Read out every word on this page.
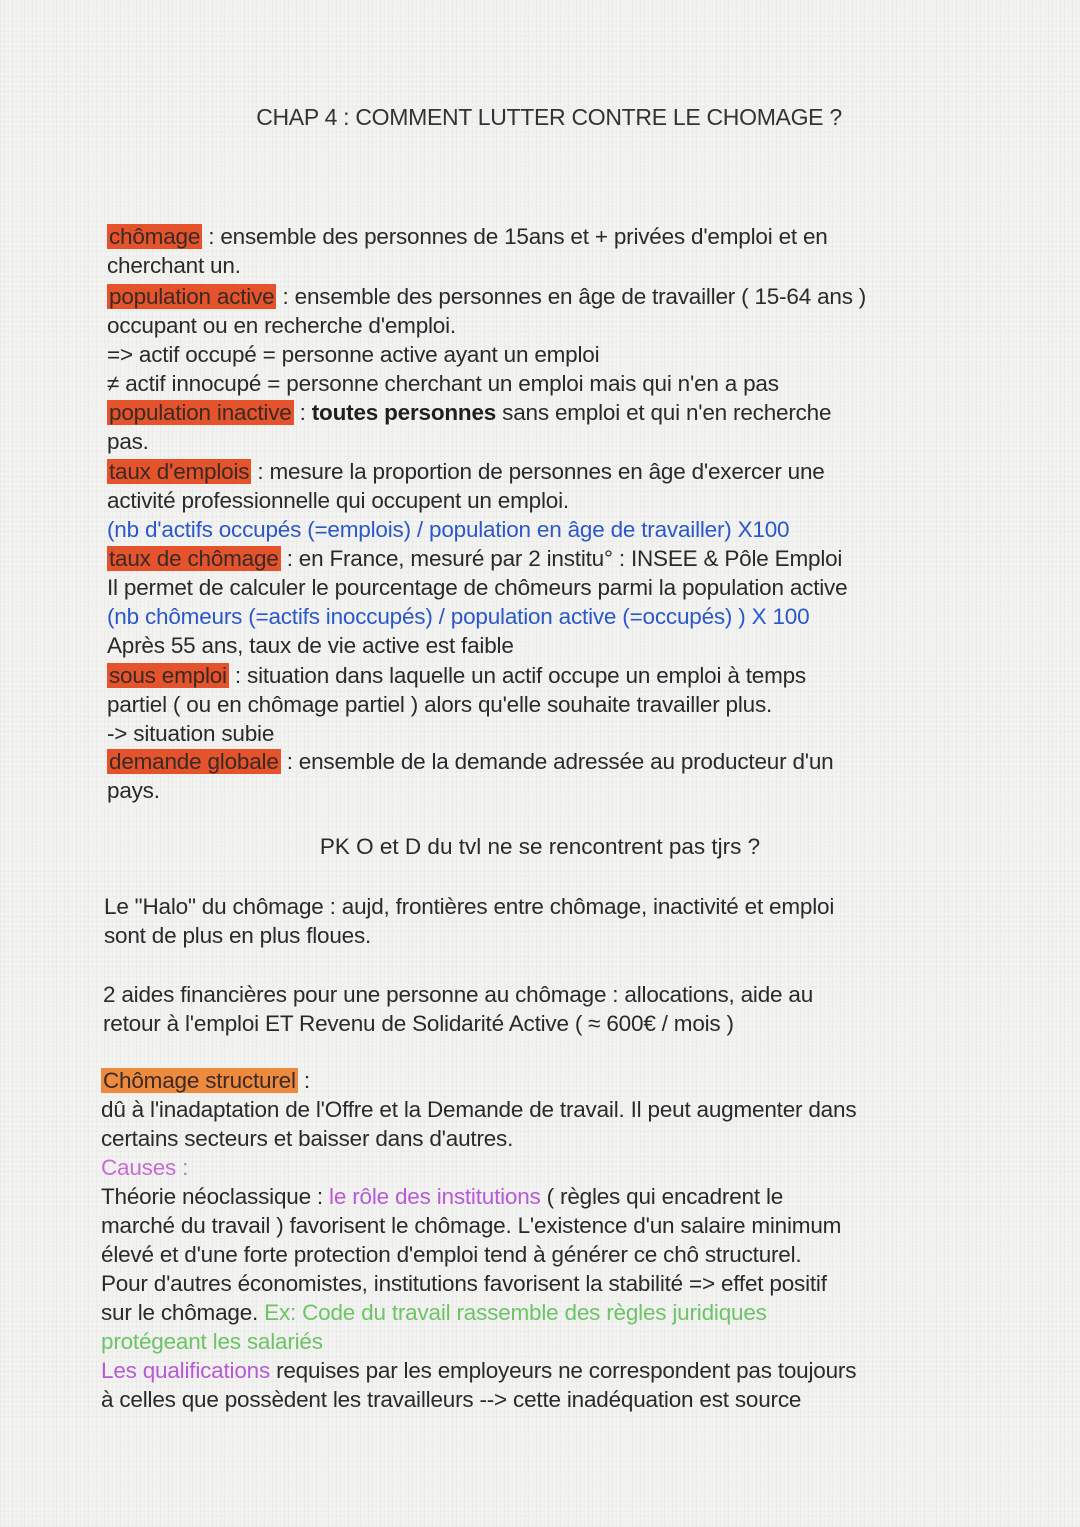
CHAP 4 : COMMENT LUTTER CONTRE LE CHOMAGE ?
chômage : ensemble des personnes de 15ans et + privées d'emploi et en
cherchant un.
population active : ensemble des personnes en âge de travailler ( 15-64 ans )
occupant ou en recherche d'emploi.
=> actif occupé = personne active ayant un emploi
≠ actif innocupé = personne cherchant un emploi mais qui n'en a pas
population inactive : toutes personnes sans emploi et qui n'en recherche
pas.
taux d'emplois : mesure la proportion de personnes en âge d'exercer une
activité professionnelle qui occupent un emploi.
(nb d'actifs occupés (=emplois) / population en âge de travailler) X100
taux de chômage : en France, mesuré par 2 institu° : INSEE & Pôle Emploi
Il permet de calculer le pourcentage de chômeurs parmi la population active
(nb chômeurs (=actifs inoccupés) / population active (=occupés) ) X 100
Après 55 ans, taux de vie active est faible
sous emploi : situation dans laquelle un actif occupe un emploi à temps
partiel ( ou en chômage partiel ) alors qu'elle souhaite travailler plus.
-> situation subie
demande globale : ensemble de la demande adressée au producteur d'un
pays.
PK O et D du tvl ne se rencontrent pas tjrs ?
Le "Halo" du chômage : aujd, frontières entre chômage, inactivité et emploi
sont de plus en plus floues.
2 aides financières pour une personne au chômage : allocations, aide au
retour à l'emploi ET Revenu de Solidarité Active ( ≈ 600€ / mois )
Chômage structurel :
dû à l'inadaptation de l'Offre et la Demande de travail. Il peut augmenter dans
certains secteurs et baisser dans d'autres.
Causes :
Théorie néoclassique : le rôle des institutions ( règles qui encadrent le
marché du travail ) favorisent le chômage. L'existence d'un salaire minimum
élevé et d'une forte protection d'emploi tend à générer ce chô structurel.
Pour d'autres économistes, institutions favorisent la stabilité => effet positif
sur le chômage. Ex: Code du travail rassemble des règles juridiques
protégeant les salariés
Les qualifications requises par les employeurs ne correspondent pas toujours
à celles que possèdent les travailleurs --> cette inadéquation est source
